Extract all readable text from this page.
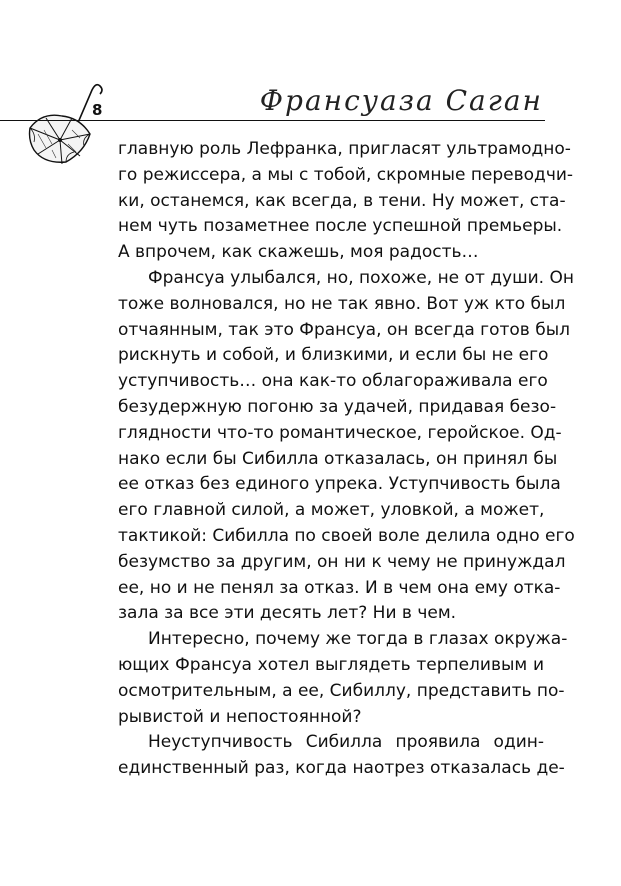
8	Франсуаза Саган
главную роль Лефранка, пригласят ультрамодно-
го режиссера, а мы с тобой, скромные переводчи-
ки, останемся, как всегда, в тени. Ну может, ста-
нем чуть позаметнее после успешной премьеры.
А впрочем, как скажешь, моя радость…
Франсуа улыбался, но, похоже, не от души. Он
тоже волновался, но не так явно. Вот уж кто был
отчаянным, так это Франсуа, он всегда готов был
рискнуть и собой, и близкими, и если бы не его
уступчивость… она как-то облагораживала его
безудержную погоню за удачей, придавая безо-
глядности что-то романтическое, геройское. Од-
нако если бы Сибилла отказалась, он принял бы
ее отказ без единого упрека. Уступчивость была
его главной силой, а может, уловкой, а может,
тактикой: Сибилла по своей воле делила одно его
безумство за другим, он ни к чему не принуждал
ее, но и не пенял за отказ. И в чем она ему отка-
зала за все эти десять лет? Ни в чем.
Интересно, почему же тогда в глазах окружа-
ющих Франсуа хотел выглядеть терпеливым и
осмотрительным, а ее, Сибиллу, представить по-
рывистой и непостоянной?
Неуступчивость Сибилла проявила один-
единственный раз, когда наотрез отказалась де-
